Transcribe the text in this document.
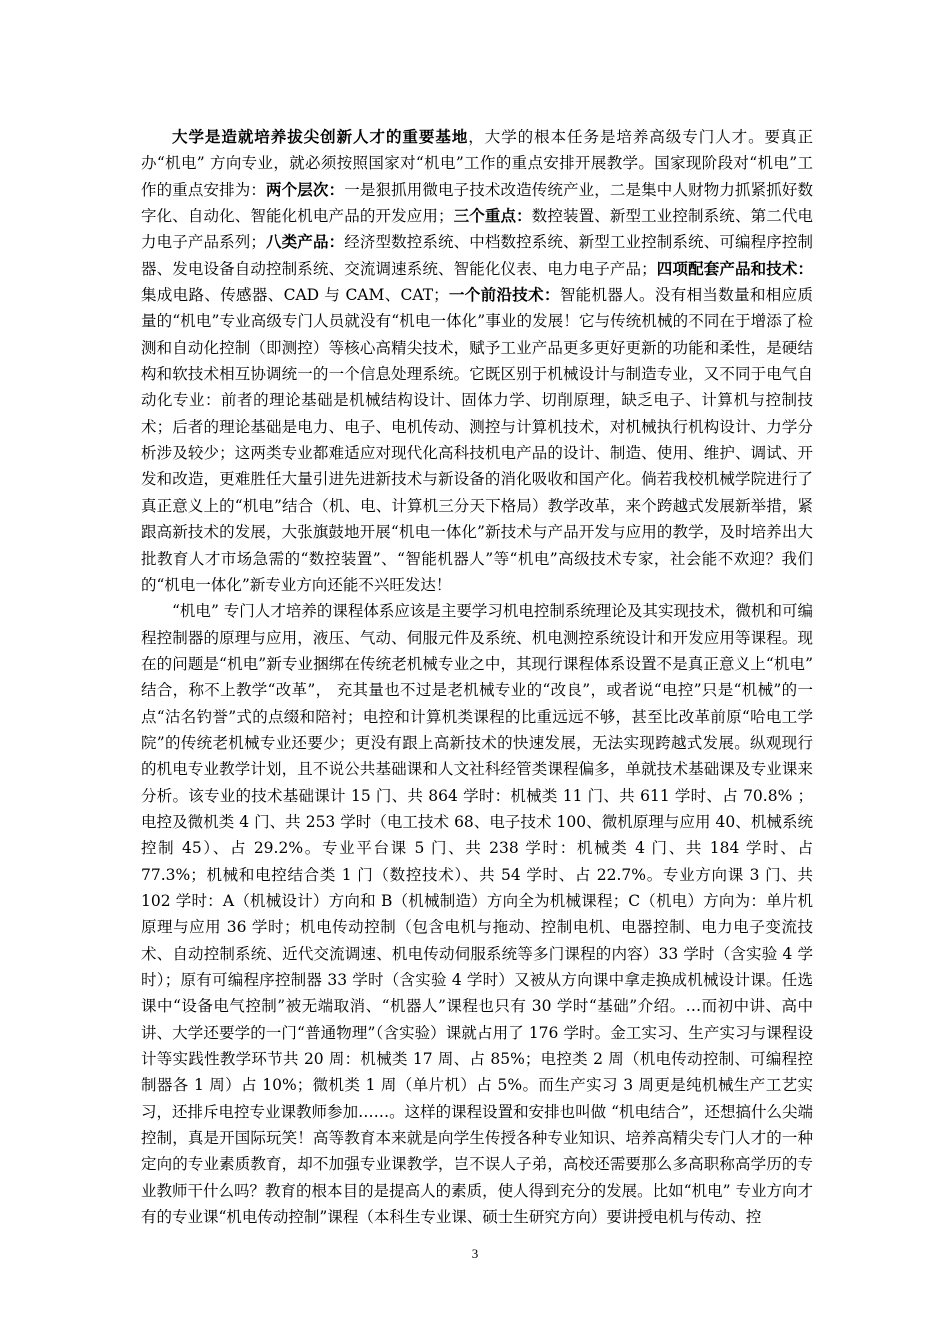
大学是造就培养拔尖创新人才的重要基地，大学的根本任务是培养高级专门人才。要真正办“机电” 方向专业，就必须按照国家对“机电”工作的重点安排开展教学。国家现阶段对“机电”工作的重点安排为：两个层次：一是狠抓用微电子技术改造传统产业，二是集中人财物力抓紧抓好数字化、自动化、智能化机电产品的开发应用；三个重点：数控装置、新型工业控制系统、第二代电力电子产品系列；八类产品：经济型数控系统、中档数控系统、新型工业控制系统、可编程序控制器、发电设备自动控制系统、交流调速系统、智能化仪表、电力电子产品；四项配套产品和技术：集成电路、传感器、CAD 与 CAM、CAT；一个前沿技术：智能机器人。没有相当数量和相应质量的“机电”专业高级专门人员就没有“机电一体化”事业的发展！它与传统机械的不同在于增添了检测和自动化控制（即测控）等核心高精尖技术，赋予工业产品更多更好更新的功能和柔性，是硬结构和软技术相互协调统一的一个信息处理系统。它既区别于机械设计与制造专业，又不同于电气自动化专业：前者的理论基础是机械结构设计、固体力学、切削原理，缺乏电子、计算机与控制技术；后者的理论基础是电力、电子、电机传动、测控与计算机技术，对机械执行机构设计、力学分析涉及较少；这两类专业都难适应对现代化高科技机电产品的设计、制造、使用、维护、调试、开发和改造，更难胜任大量引进先进新技术与新设备的消化吸收和国产化。倘若我校机械学院进行了真正意义上的“机电”结合（机、电、计算机三分天下格局）教学改革，来个跨越式发展新举措，紧跟高新技术的发展，大张旗鼓地开展“机电一体化”新技术与产品开发与应用的教学，及时培养出大批教育人才市场急需的“数控装置”、“智能机器人”等“机电”高级技术专家，社会能不欢迎？我们的“机电一体化”新专业方向还能不兴旺发达！

“机电” 专门人才培养的课程体系应该是主要学习机电控制系统理论及其实现技术，微机和可编程控制器的原理与应用，液压、气动、伺服元件及系统、机电测控系统设计和开发应用等课程。现在的问题是“机电”新专业捆绑在传统老机械专业之中，其现行课程体系设置不是真正意义上“机电” 结合，称不上教学“改革”， 充其量也不过是老机械专业的“改良”，或者说“电控”只是“机械”的一点“沽名钓誉”式的点缀和陪衬；电控和计算机类课程的比重远远不够，甚至比改革前原“哈电工学院”的传统老机械专业还要少；更没有跟上高新技术的快速发展，无法实现跨越式发展。纵观现行的机电专业教学计划，且不说公共基础课和人文社科经管类课程偏多，单就技术基础课及专业课来分析。该专业的技术基础课计 15 门、共 864 学时：机械类 11 门、共 611 学时、占 70.8% ；电控及微机类 4 门、共 253 学时（电工技术 68、电子技术 100、微机原理与应用 40、机械系统控制 45）、占 29.2%。专业平台课 5 门、共 238 学时：机械类 4 门、共 184 学时、占 77.3%；机械和电控结合类 1 门（数控技术）、共 54 学时、占 22.7%。专业方向课 3 门、共 102 学时：A（机械设计）方向和 B（机械制造）方向全为机械课程；C（机电）方向为：单片机原理与应用 36 学时；机电传动控制（包含电机与拖动、控制电机、电器控制、电力电子变流技术、自动控制系统、近代交流调速、机电传动伺服系统等多门课程的内容）33 学时（含实验 4 学时）；原有可编程序控制器 33 学时（含实验 4 学时）又被从方向课中拿走换成机械设计课。任选课中“设备电气控制”被无端取消、“机器人”课程也只有 30 学时“基础”介绍。…而初中讲、高中讲、大学还要学的一门“普通物理”（含实验）课就占用了 176 学时。金工实习、生产实习与课程设计等实践性教学环节共 20 周：机械类 17 周、占 85%；电控类 2 周（机电传动控制、可编程控制器各 1 周）占 10%；微机类 1 周（单片机）占 5%。而生产实习 3 周更是纯机械生产工艺实习，还排斥电控专业课教师参加……。这样的课程设置和安排也叫做 “机电结合”，还想搞什么尖端控制，真是开国际玩笑！高等教育本来就是向学生传授各种专业知识、培养高精尖专门人才的一种定向的专业素质教育，却不加强专业课教学，岂不误人子弟，高校还需要那么多高职称高学历的专业教师干什么吗？教育的根本目的是提高人的素质，使人得到充分的发展。比如“机电” 专业方向才有的专业课“机电传动控制”课程（本科生专业课、硕士生研究方向）要讲授电机与传动、控

3
